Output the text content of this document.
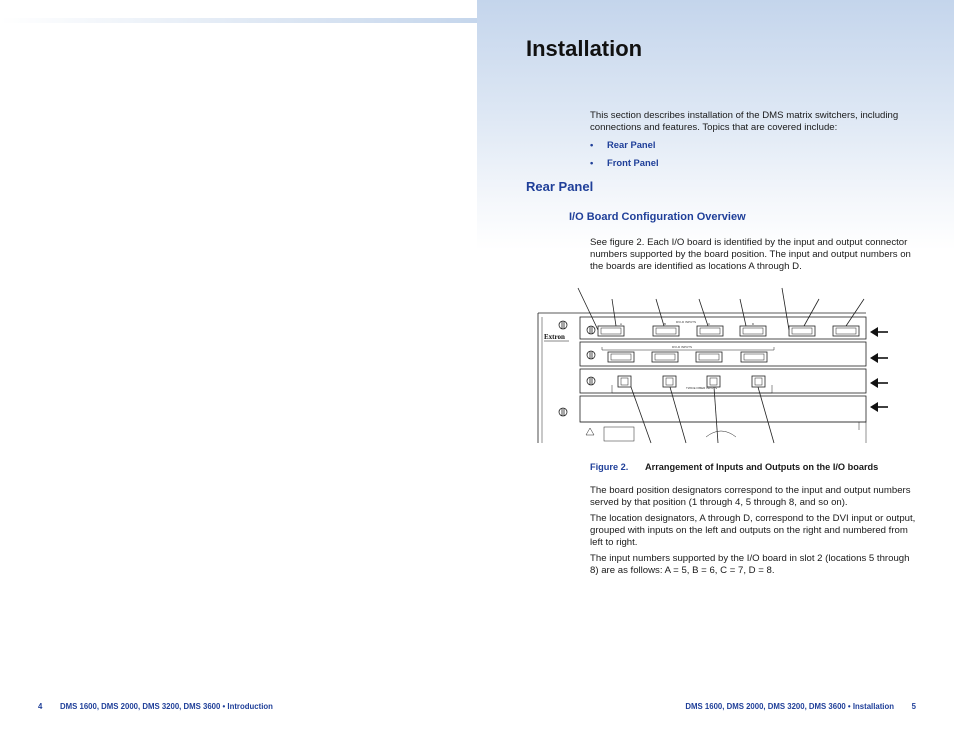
Installation

This section describes installation of the DMS matrix switchers, including connections and features. Topics that are covered include:

• Rear Panel
• Front Panel
Rear Panel
I/O Board Configuration Overview

See figure 2. Each I/O board is identified by the input and output connector numbers supported by the board position. The input and output numbers on the boards are identified as locations A through D.

Extron
DVI-D INPUTS
DVI-D INPUTS
TWICE FIBER INPUTS
A	B	C	D
Figure 2. Arrangement of Inputs and Outputs on the I/O boards

The board position designators correspond to the input and output numbers served by that position (1 through 4, 5 through 8, and so on).

The location designators, A through D, correspond to the DVI input or output, grouped with inputs on the left and outputs on the right and numbered from left to right.

The input numbers supported by the I/O board in slot 2 (locations 5 through 8) are as follows: A = 5, B = 6, C = 7, D = 8.

4 DMS 1600, DMS 2000, DMS 3200, DMS 3600 • Introduction	DMS 1600, DMS 2000, DMS 3200, DMS 3600 • Installation 5
